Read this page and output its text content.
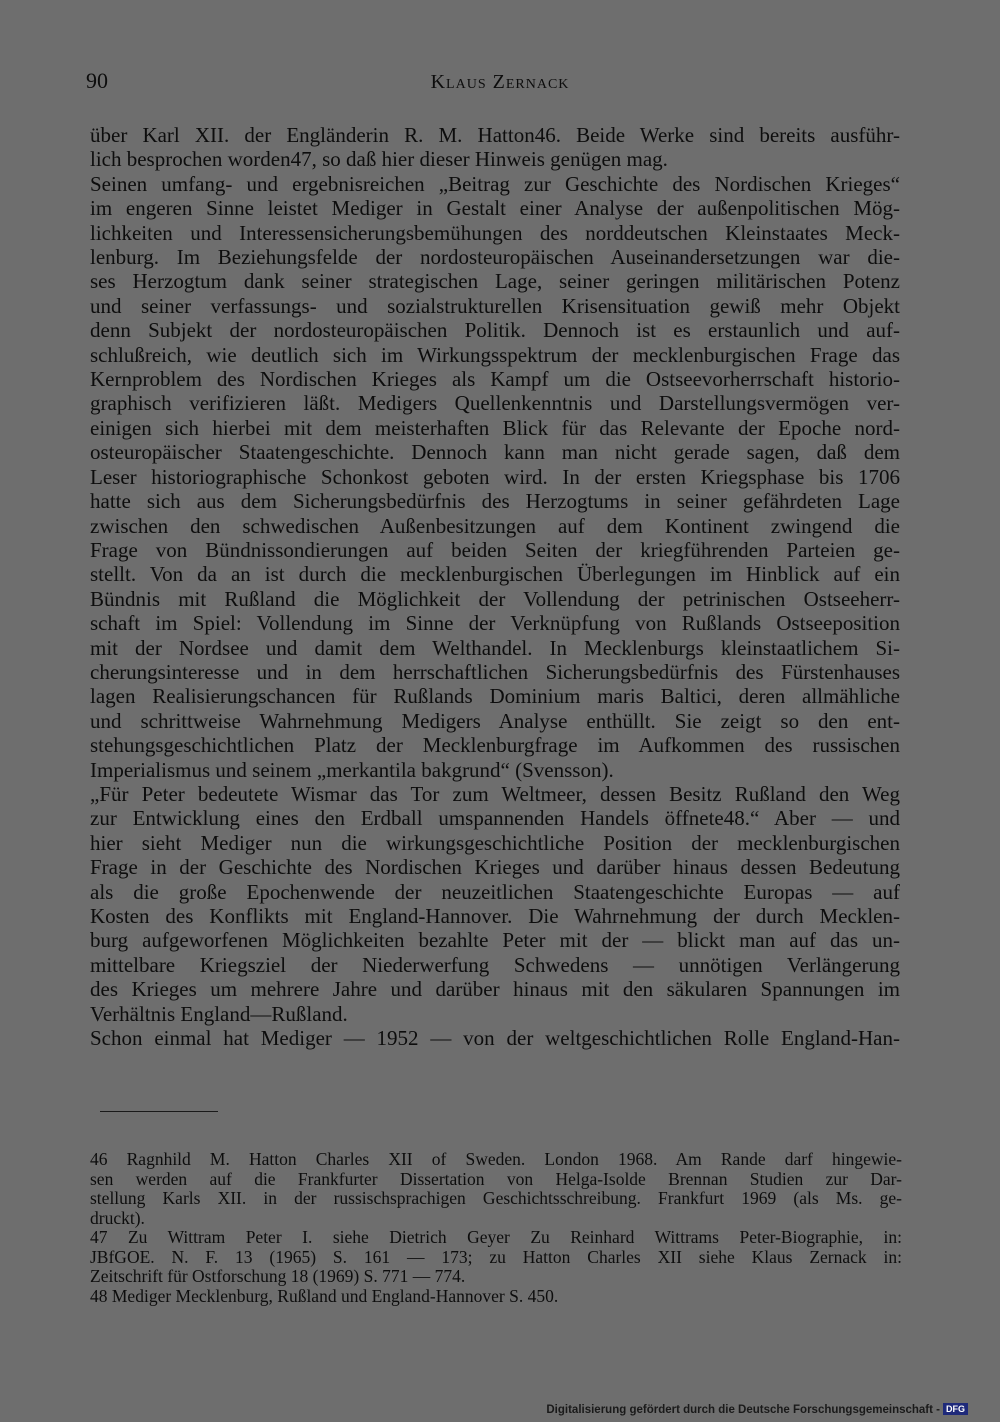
90	Klaus Zernack
über Karl XII. der Engländerin R. M. Hatton46. Beide Werke sind bereits ausführ-
lich besprochen worden47, so daß hier dieser Hinweis genügen mag.
Seinen umfang- und ergebnisreichen „Beitrag zur Geschichte des Nordischen Krieges“
im engeren Sinne leistet Mediger in Gestalt einer Analyse der außenpolitischen Mög-
lichkeiten und Interessensicherungsbemühungen des norddeutschen Kleinstaates Meck-
lenburg. Im Beziehungsfelde der nordosteuropäischen Auseinandersetzungen war die-
ses Herzogtum dank seiner strategischen Lage, seiner geringen militärischen Potenz
und seiner verfassungs- und sozialstrukturellen Krisensituation gewiß mehr Objekt
denn Subjekt der nordosteuropäischen Politik. Dennoch ist es erstaunlich und auf-
schlußreich, wie deutlich sich im Wirkungsspektrum der mecklenburgischen Frage das
Kernproblem des Nordischen Krieges als Kampf um die Ostseevorherrschaft historio-
graphisch verifizieren läßt. Medigers Quellenkenntnis und Darstellungsvermögen ver-
einigen sich hierbei mit dem meisterhaften Blick für das Relevante der Epoche nord-
osteuropäischer Staatengeschichte. Dennoch kann man nicht gerade sagen, daß dem
Leser historiographische Schonkost geboten wird. In der ersten Kriegsphase bis 1706
hatte sich aus dem Sicherungsbedürfnis des Herzogtums in seiner gefährdeten Lage
zwischen den schwedischen Außenbesitzungen auf dem Kontinent zwingend die
Frage von Bündnissondierungen auf beiden Seiten der kriegführenden Parteien ge-
stellt. Von da an ist durch die mecklenburgischen Überlegungen im Hinblick auf ein
Bündnis mit Rußland die Möglichkeit der Vollendung der petrinischen Ostseeherr-
schaft im Spiel: Vollendung im Sinne der Verknüpfung von Rußlands Ostseeposition
mit der Nordsee und damit dem Welthandel. In Mecklenburgs kleinstaatlichem Si-
cherungsinteresse und in dem herrschaftlichen Sicherungsbedürfnis des Fürstenhauses
lagen Realisierungschancen für Rußlands Dominium maris Baltici, deren allmähliche
und schrittweise Wahrnehmung Medigers Analyse enthüllt. Sie zeigt so den ent-
stehungsgeschichtlichen Platz der Mecklenburgfrage im Aufkommen des russischen
Imperialismus und seinem „merkantila bakgrund“ (Svensson).
„Für Peter bedeutete Wismar das Tor zum Weltmeer, dessen Besitz Rußland den Weg
zur Entwicklung eines den Erdball umspannenden Handels öffnete48.“ Aber — und
hier sieht Mediger nun die wirkungsgeschichtliche Position der mecklenburgischen
Frage in der Geschichte des Nordischen Krieges und darüber hinaus dessen Bedeutung
als die große Epochenwende der neuzeitlichen Staatengeschichte Europas — auf
Kosten des Konflikts mit England-Hannover. Die Wahrnehmung der durch Mecklen-
burg aufgeworfenen Möglichkeiten bezahlte Peter mit der — blickt man auf das un-
mittelbare Kriegsziel der Niederwerfung Schwedens — unnötigen Verlängerung
des Krieges um mehrere Jahre und darüber hinaus mit den säkularen Spannungen im
Verhältnis England—Rußland.
Schon einmal hat Mediger — 1952 — von der weltgeschichtlichen Rolle England-Han-
46 Ragnhild M. Hatton Charles XII of Sweden. London 1968. Am Rande darf hingewie-
sen werden auf die Frankfurter Dissertation von Helga-Isolde Brennan Studien zur Dar-
stellung Karls XII. in der russischsprachigen Geschichtsschreibung. Frankfurt 1969 (als Ms. ge-
druckt).
47 Zu Wittram Peter I. siehe Dietrich Geyer Zu Reinhard Wittrams Peter-Biographie, in:
JBfGOE. N. F. 13 (1965) S. 161 — 173; zu Hatton Charles XII siehe Klaus Zernack in:
Zeitschrift für Ostforschung 18 (1969) S. 771 — 774.
48 Mediger Mecklenburg, Rußland und England-Hannover S. 450.
Digitalisierung gefördert durch die Deutsche Forschungsgemeinschaft - DFG
